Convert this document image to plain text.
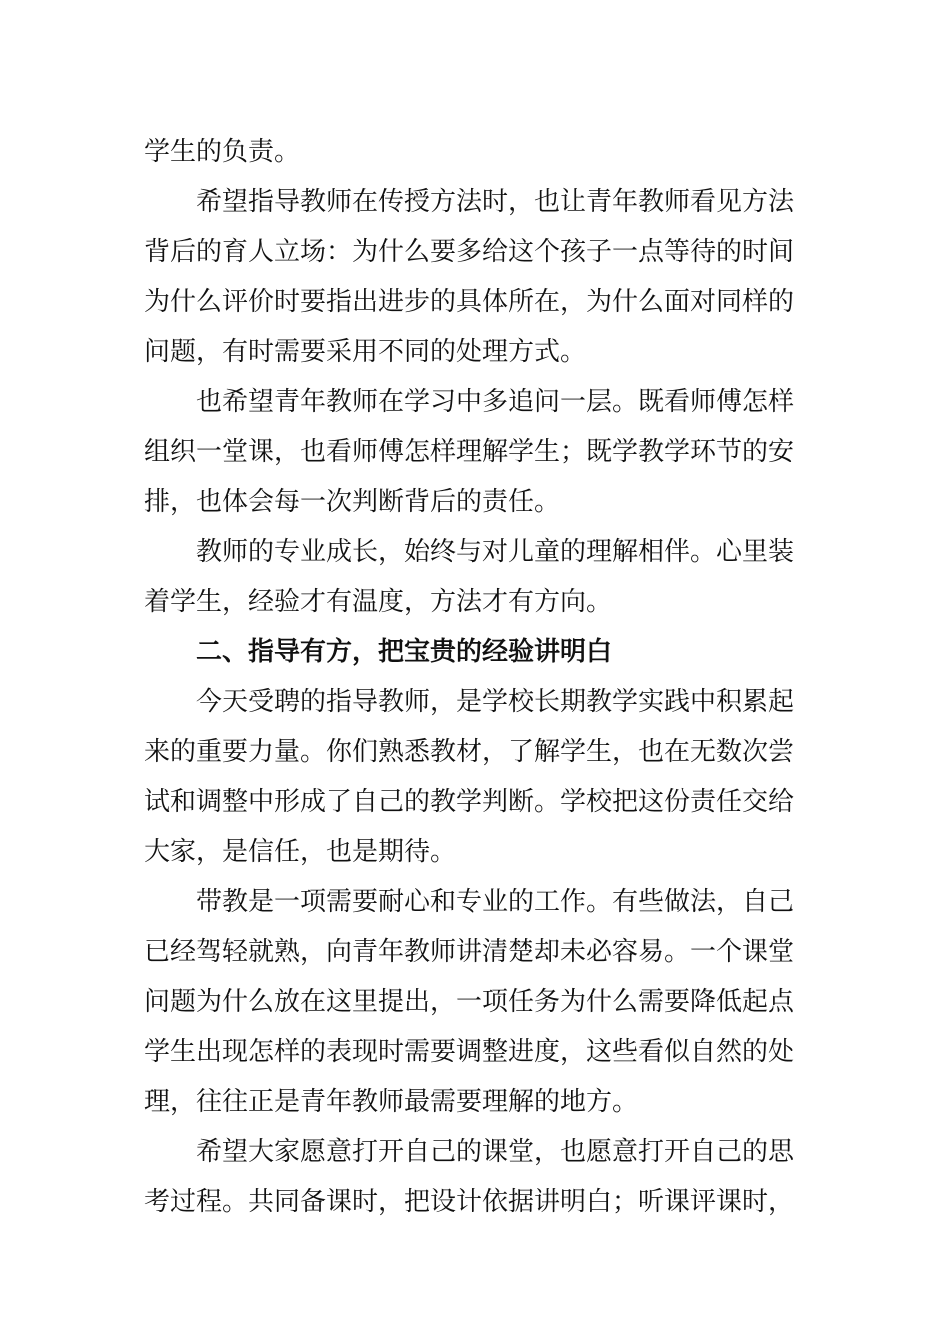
学生的负责。
希望指导教师在传授方法时，也让青年教师看见方法
背后的育人立场：为什么要多给这个孩子一点等待的时间
为什么评价时要指出进步的具体所在，为什么面对同样的
问题，有时需要采用不同的处理方式。
也希望青年教师在学习中多追问一层。既看师傅怎样
组织一堂课，也看师傅怎样理解学生；既学教学环节的安
排，也体会每一次判断背后的责任。
教师的专业成长，始终与对儿童的理解相伴。心里装
着学生，经验才有温度，方法才有方向。
二、指导有方，把宝贵的经验讲明白
今天受聘的指导教师，是学校长期教学实践中积累起
来的重要力量。你们熟悉教材，了解学生，也在无数次尝
试和调整中形成了自己的教学判断。学校把这份责任交给
大家，是信任，也是期待。
带教是一项需要耐心和专业的工作。有些做法，自己
已经驾轻就熟，向青年教师讲清楚却未必容易。一个课堂
问题为什么放在这里提出，一项任务为什么需要降低起点
学生出现怎样的表现时需要调整进度，这些看似自然的处
理，往往正是青年教师最需要理解的地方。
希望大家愿意打开自己的课堂，也愿意打开自己的思
考过程。共同备课时，把设计依据讲明白；听课评课时，
